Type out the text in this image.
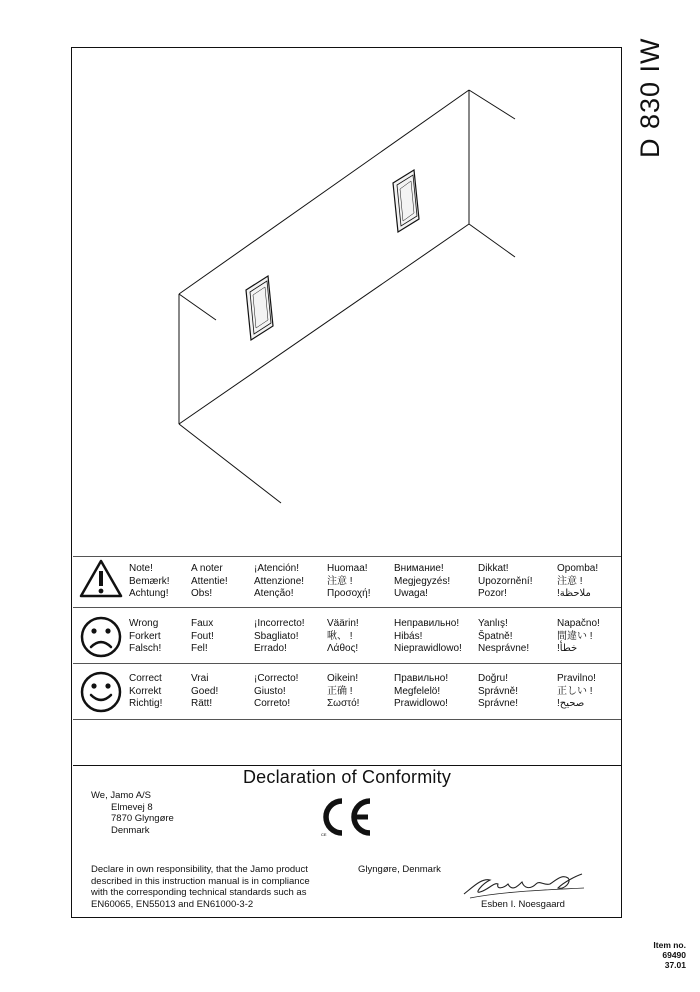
D 830 IW
Note!
Bemærk!
Achtung!
A noter
Attentie!
Obs!
¡Atención!
Attenzione!
Atenção!
Huomaa!
注意 !
Προσοχή!
Внимание!
Megjegyzés!
Uwaga!
Dikkat!
Upozornění!
Pozor!
Opomba!
注意 !
!ملاحظة
Wrong
Forkert
Falsch!
Faux
Fout!
Fel!
¡Incorrecto!
Sbagliato!
Errado!
Väärin!
啾、 !
Λάθος!
Неправильно!
Hibás!
Nieprawidlowo!
Yanlış!
Špatně!
Nesprávne!
Napačno!
間違い !
!خطأ
Correct
Korrekt
Richtig!
Vrai
Goed!
Rätt!
¡Correcto!
Giusto!
Correto!
Oikein!
正确 !
Σωστό!
Правильно!
Megfelelö!
Prawidlowo!
Doğru!
Správně!
Správne!
Pravilno!
正しい !
!صحيح
Declaration of Conformity
We, Jamo A/S
Elmevej 8
7870 Glyngøre
Denmark	CE
Declare in own responsibility, that the Jamo product
described in this instruction manual is in compliance
with the corresponding technical standards such as
EN60065, EN55013 and EN61000-3-2
Glyngøre, Denmark
Esben I. Noesgaard
Item no.
69490
37.01
